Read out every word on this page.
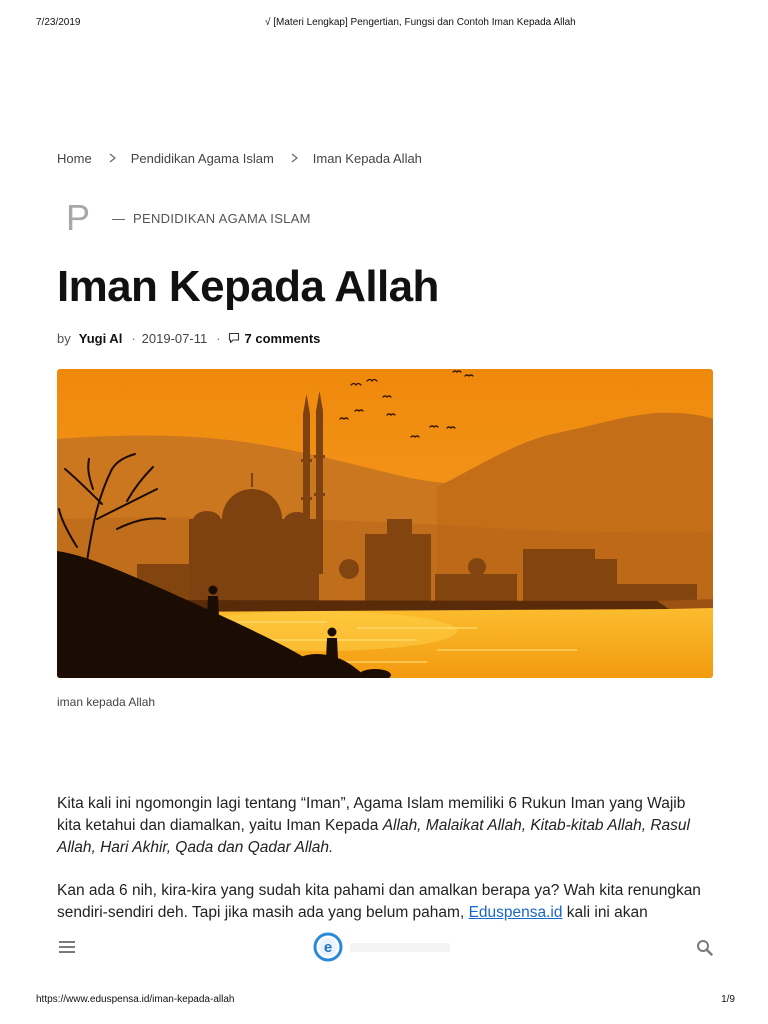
7/23/2019	√ [Materi Lengkap] Pengertian, Fungsi dan Contoh Iman Kepada Allah
Home	Pendidikan Agama Islam	Iman Kepada Allah
P — PENDIDIKAN AGAMA ISLAM
Iman Kepada Allah
by Yugi Al · 2019-07-11 · 7 comments
iman kepada Allah
Kita kali ini ngomongin lagi tentang “Iman”, Agama Islam memiliki 6 Rukun Iman yang Wajib
kita ketahui dan diamalkan, yaitu Iman Kepada Allah, Malaikat Allah, Kitab-kitab Allah, Rasul
Allah, Hari Akhir, Qada dan Qadar Allah.
Kan ada 6 nih, kira-kira yang sudah kita pahami dan amalkan berapa ya? Wah kita renungkan
sendiri-sendiri deh. Tapi jika masih ada yang belum paham, Eduspensa.id kali ini akan
e
https://www.eduspensa.id/iman-kepada-allah	1/9
